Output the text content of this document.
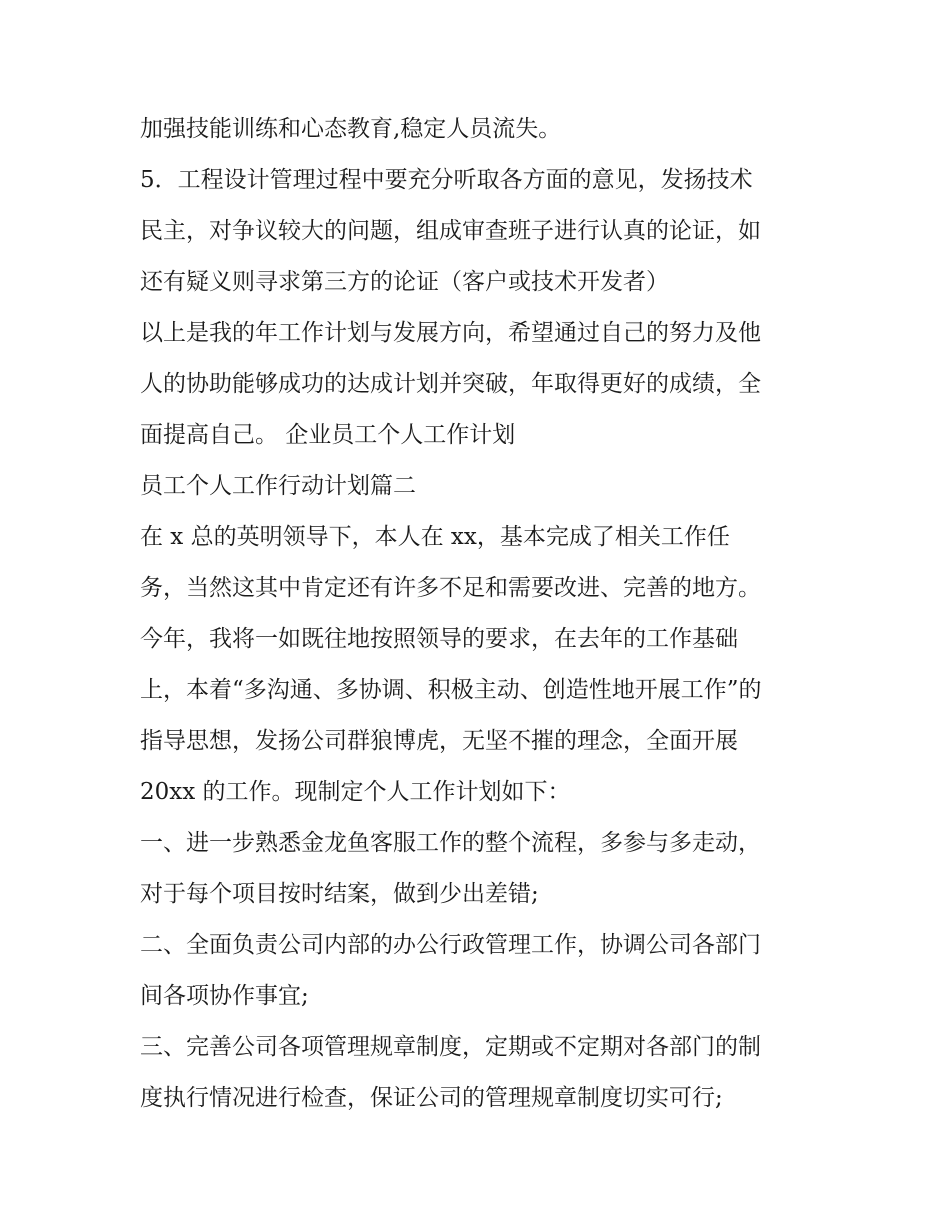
加强技能训练和心态教育,稳定人员流失。
5．工程设计管理过程中要充分听取各方面的意见，发扬技术
民主，对争议较大的问题，组成审查班子进行认真的论证，如
还有疑义则寻求第三方的论证（客户或技术开发者）
以上是我的年工作计划与发展方向，希望通过自己的努力及他
人的协助能够成功的达成计划并突破，年取得更好的成绩，全
面提高自己。 企业员工个人工作计划
员工个人工作行动计划篇二
在 x 总的英明领导下，本人在 xx，基本完成了相关工作任
务，当然这其中肯定还有许多不足和需要改进、完善的地方。
今年，我将一如既往地按照领导的要求，在去年的工作基础
上，本着“多沟通、多协调、积极主动、创造性地开展工作”的
指导思想，发扬公司群狼博虎，无坚不摧的理念，全面开展
20xx 的工作。现制定个人工作计划如下：
一、进一步熟悉金龙鱼客服工作的整个流程，多参与多走动，
对于每个项目按时结案，做到少出差错;
二、全面负责公司内部的办公行政管理工作，协调公司各部门
间各项协作事宜;
三、完善公司各项管理规章制度，定期或不定期对各部门的制
度执行情况进行检查，保证公司的管理规章制度切实可行;
